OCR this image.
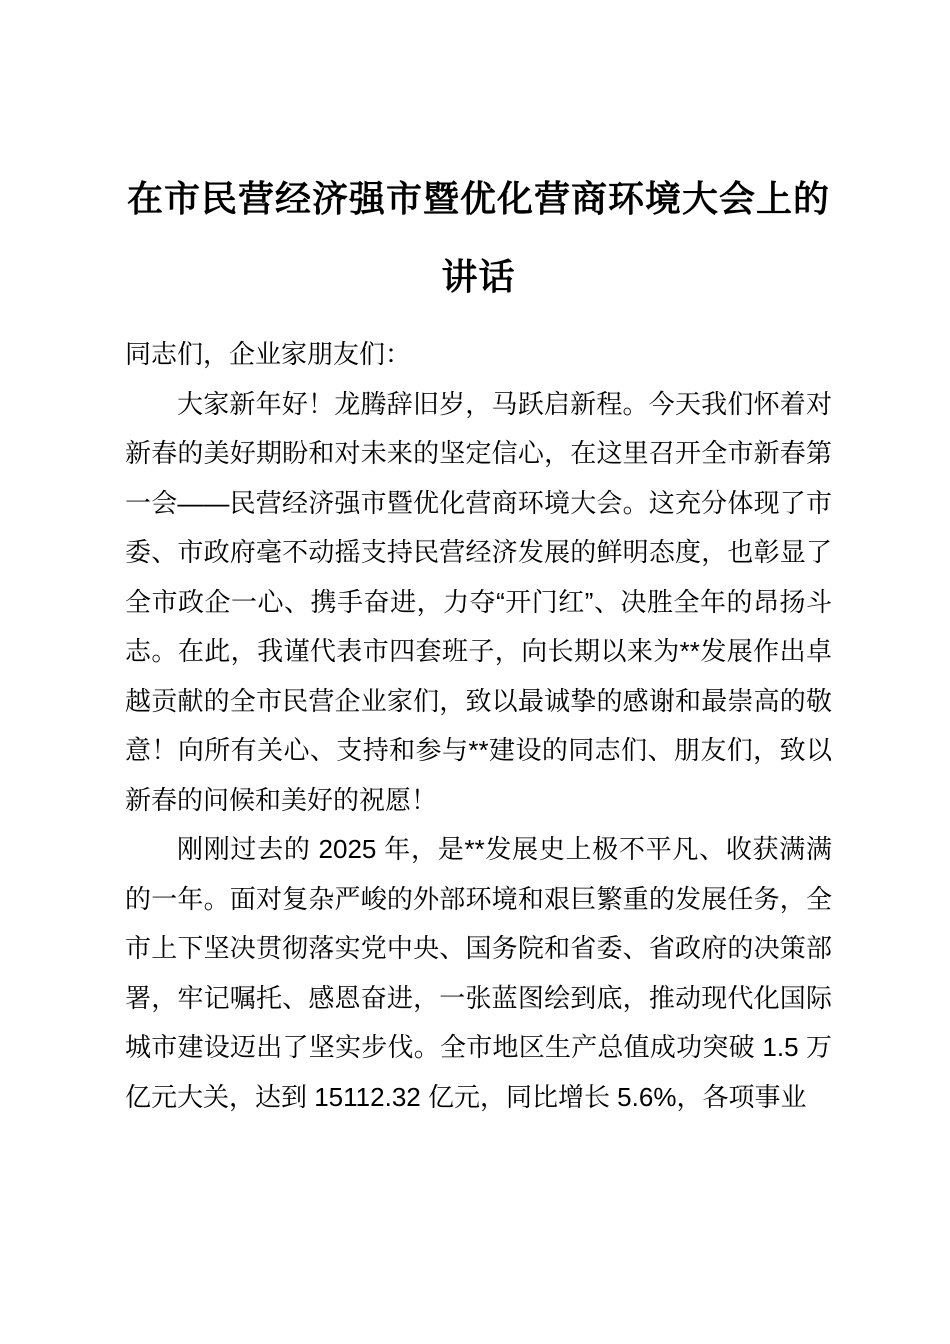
在市民营经济强市暨优化营商环境大会上的讲话

同志们，企业家朋友们：

大家新年好！龙腾辞旧岁，马跃启新程。今天我们怀着对新春的美好期盼和对未来的坚定信心，在这里召开全市新春第一会——民营经济强市暨优化营商环境大会。这充分体现了市委、市政府毫不动摇支持民营经济发展的鲜明态度，也彰显了全市政企一心、携手奋进，力夺“开门红”、决胜全年的昂扬斗志。在此，我谨代表市四套班子，向长期以来为**发展作出卓越贡献的全市民营企业家们，致以最诚挚的感谢和最崇高的敬意！向所有关心、支持和参与**建设的同志们、朋友们，致以新春的问候和美好的祝愿！

刚刚过去的 2025 年，是**发展史上极不平凡、收获满满的一年。面对复杂严峻的外部环境和艰巨繁重的发展任务，全市上下坚决贯彻落实党中央、国务院和省委、省政府的决策部署，牢记嘱托、感恩奋进，一张蓝图绘到底，推动现代化国际城市建设迈出了坚实步伐。全市地区生产总值成功突破 1.5 万亿元大关，达到 15112.32 亿元，同比增长 5.6%，各项事业
